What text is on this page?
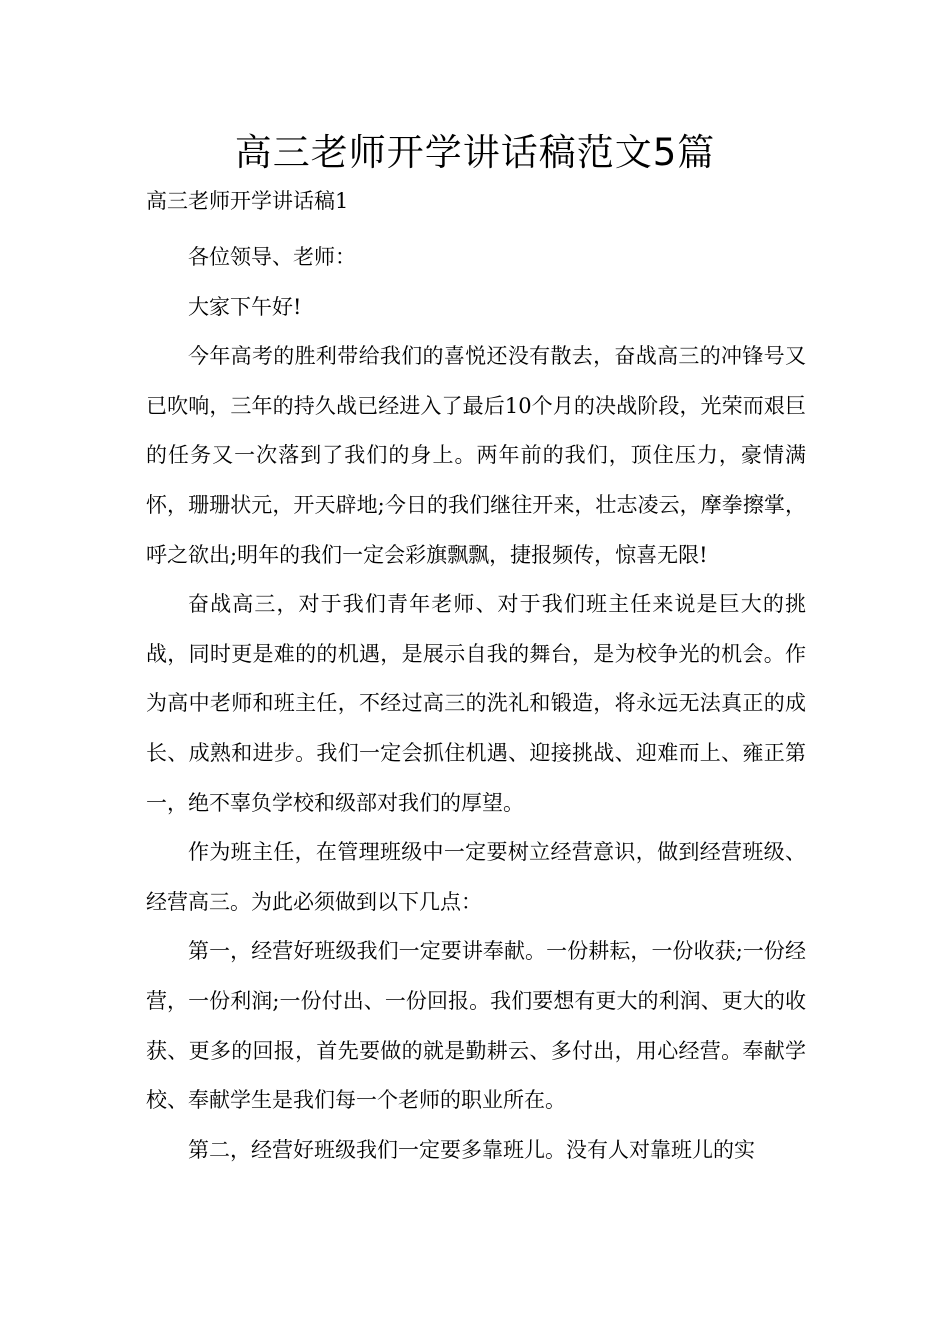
高三老师开学讲话稿范文5篇
高三老师开学讲话稿1

各位领导、老师：

大家下午好!

今年高考的胜利带给我们的喜悦还没有散去，奋战高三的冲锋号又已吹响，三年的持久战已经进入了最后10个月的决战阶段，光荣而艰巨的任务又一次落到了我们的身上。两年前的我们，顶住压力，豪情满怀，珊珊状元，开天辟地;今日的我们继往开来，壮志凌云，摩拳擦掌，呼之欲出;明年的我们一定会彩旗飘飘，捷报频传，惊喜无限!

奋战高三，对于我们青年老师、对于我们班主任来说是巨大的挑战，同时更是难的的机遇，是展示自我的舞台，是为校争光的机会。作为高中老师和班主任，不经过高三的洗礼和锻造，将永远无法真正的成长、成熟和进步。我们一定会抓住机遇、迎接挑战、迎难而上、雍正第一，绝不辜负学校和级部对我们的厚望。

作为班主任，在管理班级中一定要树立经营意识，做到经营班级、经营高三。为此必须做到以下几点：

第一，经营好班级我们一定要讲奉献。一份耕耘，一份收获;一份经营，一份利润;一份付出、一份回报。我们要想有更大的利润、更大的收获、更多的回报，首先要做的就是勤耕云、多付出，用心经营。奉献学校、奉献学生是我们每一个老师的职业所在。

第二，经营好班级我们一定要多靠班儿。没有人对靠班儿的实
